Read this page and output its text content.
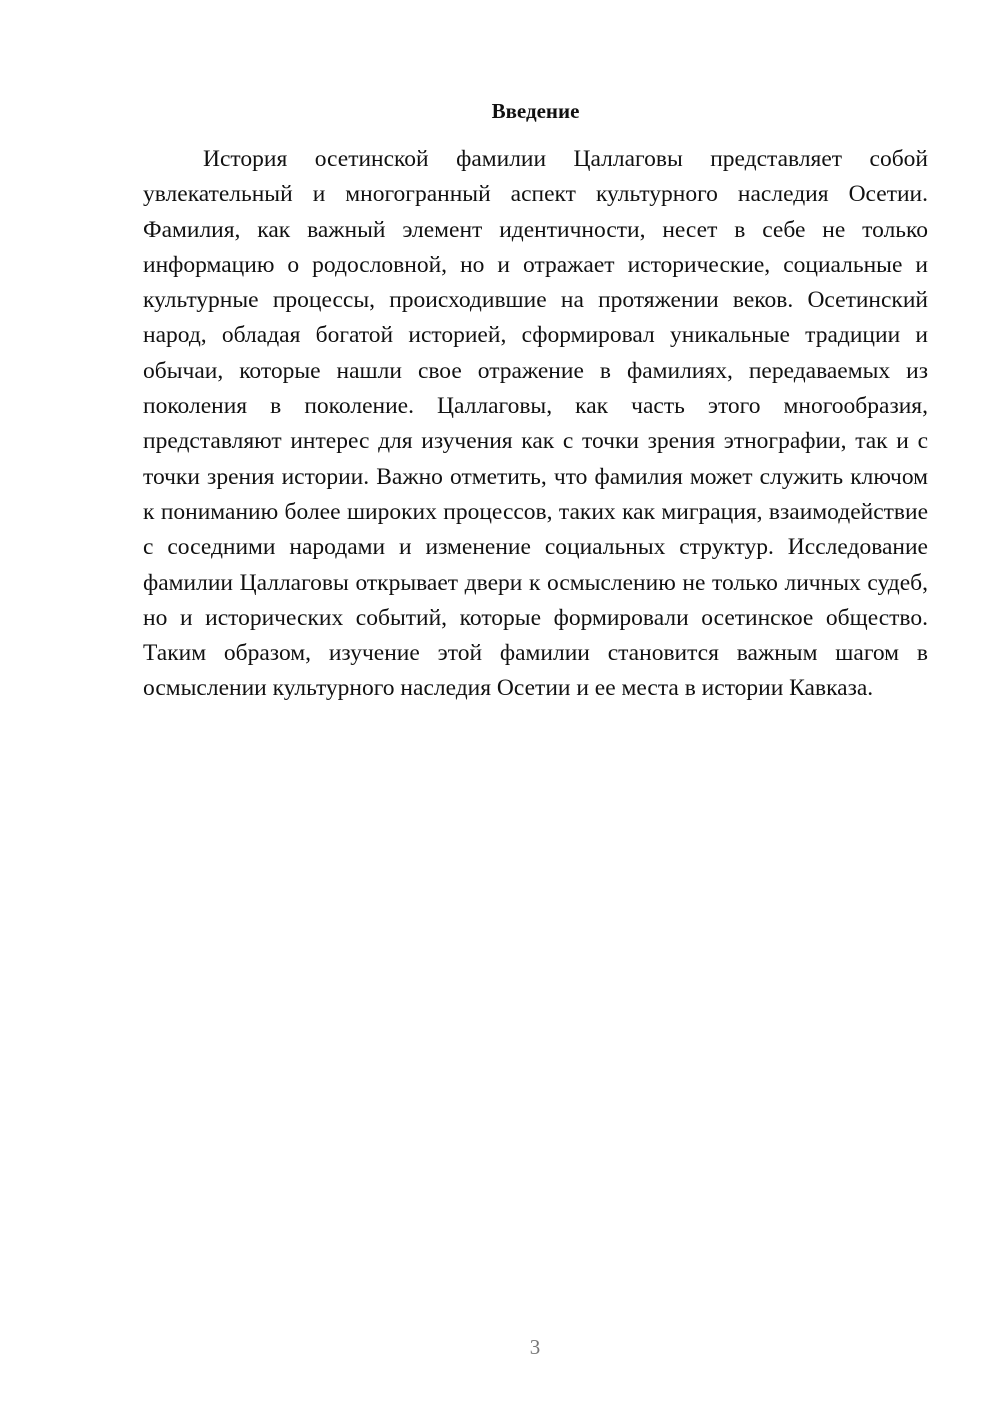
Введение

История осетинской фамилии Цаллаговы представляет собой увлекательный и многогранный аспект культурного наследия Осетии. Фамилия, как важный элемент идентичности, несет в себе не только информацию о родословной, но и отражает исторические, социальные и культурные процессы, происходившие на протяжении веков. Осетинский народ, обладая богатой историей, сформировал уникальные традиции и обычаи, которые нашли свое отражение в фамилиях, передаваемых из поколения в поколение. Цаллаговы, как часть этого многообразия, представляют интерес для изучения как с точки зрения этнографии, так и с точки зрения истории. Важно отметить, что фамилия может служить ключом к пониманию более широких процессов, таких как миграция, взаимодействие с соседними народами и изменение социальных структур. Исследование фамилии Цаллаговы открывает двери к осмыслению не только личных судеб, но и исторических событий, которые формировали осетинское общество. Таким образом, изучение этой фамилии становится важным шагом в осмыслении культурного наследия Осетии и ее места в истории Кавказа.

3
